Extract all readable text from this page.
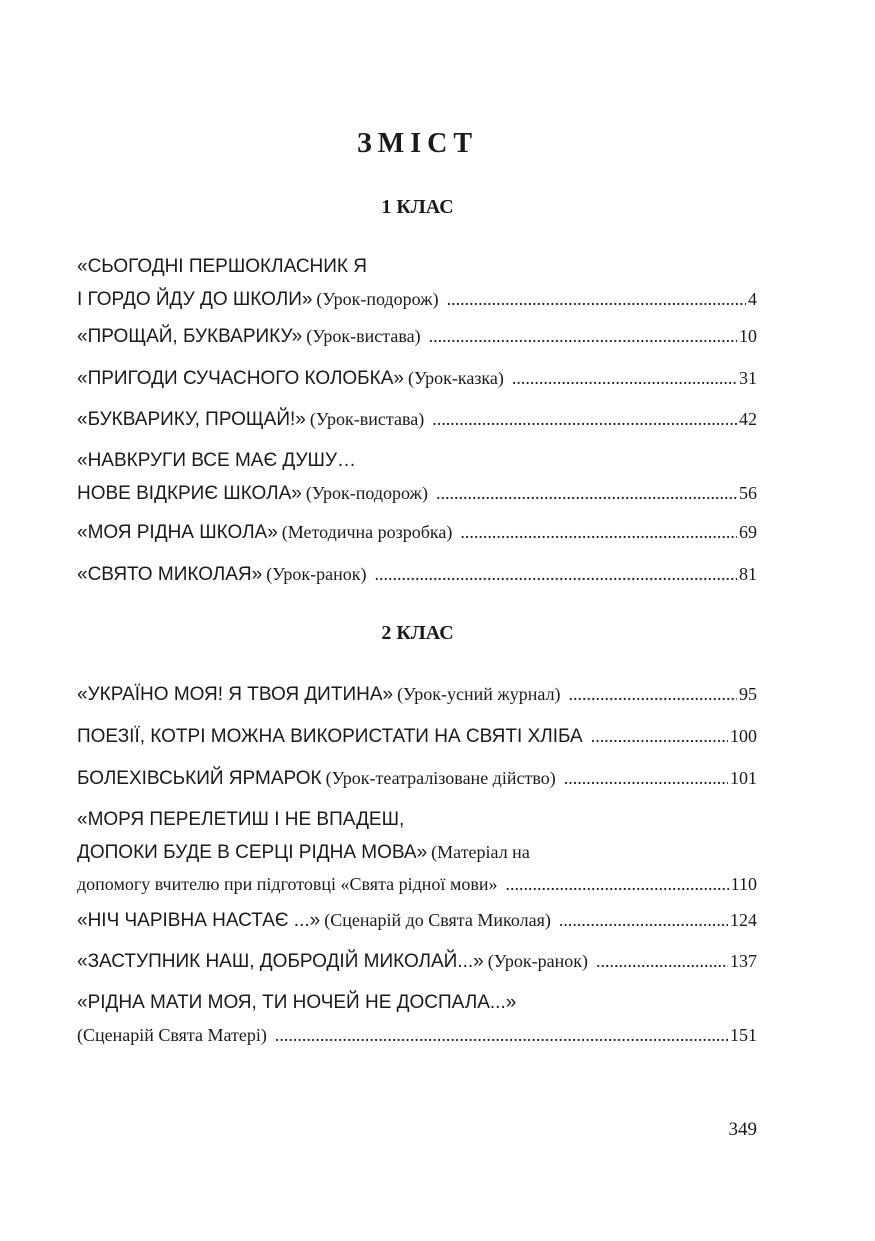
ЗМІСТ
1 КЛАС
«СЬОГОДНІ ПЕРШОКЛАСНИК Я
І ГОРДО ЙДУ ДО ШКОЛИ» (Урок-подорож) .....	4
«ПРОЩАЙ, БУКВАРИКУ» (Урок-вистава) .....	10
«ПРИГОДИ СУЧАСНОГО КОЛОБКА» (Урок-казка) .....	31
«БУКВАРИКУ, ПРОЩАЙ!» (Урок-вистава) .....	42
«НАВКРУГИ ВСЕ МАЄ ДУШУ…
НОВЕ ВІДКРИЄ ШКОЛА» (Урок-подорож) .....	56
«МОЯ РІДНА ШКОЛА» (Методична розробка) .....	69
«СВЯТО МИКОЛАЯ» (Урок-ранок) .....	81
2 КЛАС
«УКРАЇНО МОЯ! Я ТВОЯ ДИТИНА» (Урок-усний журнал) .....	95
ПОЕЗІЇ, КОТРІ МОЖНА ВИКОРИСТАТИ НА СВЯТІ ХЛІБА .....	100
БОЛЕХІВСЬКИЙ ЯРМАРОК (Урок-театралізоване дійство) .....	101
«МОРЯ ПЕРЕЛЕТИШ І НЕ ВПАДЕШ,
ДОПОКИ БУДЕ В СЕРЦІ РІДНА МОВА» (Матеріал на
допомогу вчителю при підготовці «Свята рідної мови» .....	110
«НІЧ ЧАРІВНА НАСТАЄ ...» (Сценарій до Свята Миколая) .....	124
«ЗАСТУПНИК НАШ, ДОБРОДІЙ МИКОЛАЙ...» (Урок-ранок) .....	137
«РІДНА МАТИ МОЯ, ТИ НОЧЕЙ НЕ ДОСПАЛА...»
(Сценарій Свята Матері) .....	151
349
